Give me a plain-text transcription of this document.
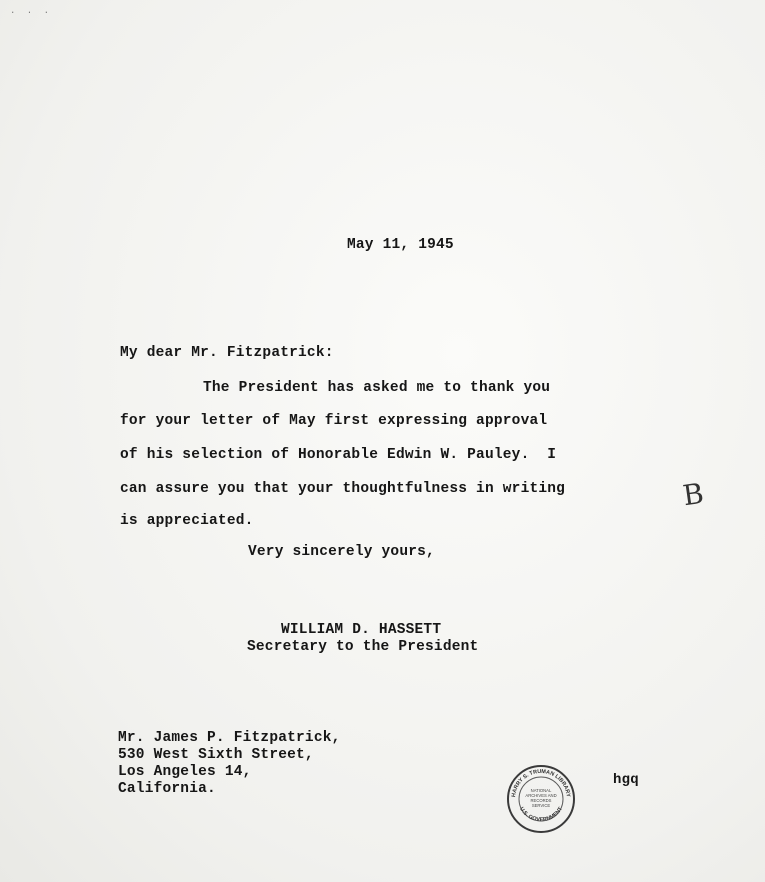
· · ·
May 11, 1945
My dear Mr. Fitzpatrick:
The President has asked me to thank you
for your letter of May first expressing approval
of his selection of Honorable Edwin W. Pauley.  I
can assure you that your thoughtfulness in writing
is appreciated.
Very sincerely yours,
WILLIAM D. HASSETT
Secretary to the President
Mr. James P. Fitzpatrick,
530 West Sixth Street,
Los Angeles 14,
California.
hgq
B
HARRY S. TRUMAN LIBRARY
U.S. GOVERNMENT
NATIONAL ARCHIVES AND RECORDS SERVICE
